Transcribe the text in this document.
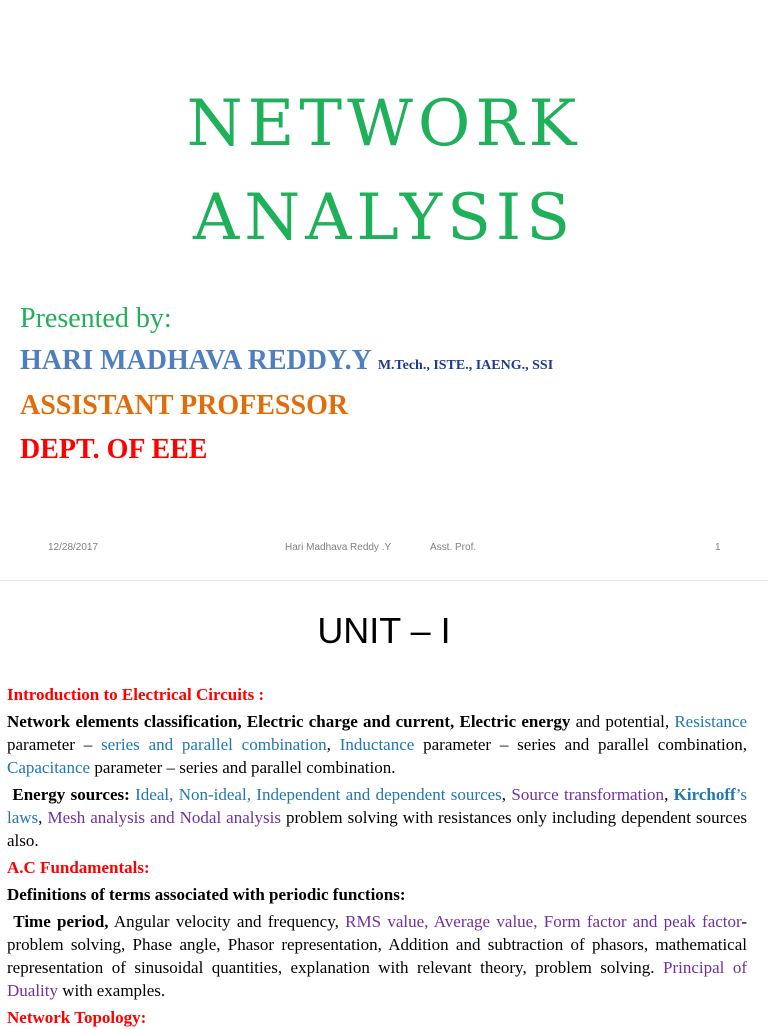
NETWORK
ANALYSIS
Presented by:
HARI MADHAVA REDDY.Y M.Tech., ISTE., IAENG., SSI
ASSISTANT PROFESSOR
DEPT. OF EEE
12/28/2017	Hari Madhava Reddy .Y	Asst. Prof.	1
UNIT – I

Introduction to Electrical Circuits :

Network elements classification, Electric charge and current, Electric energy and potential, Resistance parameter – series and parallel combination, Inductance parameter – series and parallel combination, Capacitance parameter – series and parallel combination.

Energy sources: Ideal, Non-ideal, Independent and dependent sources, Source transformation, Kirchoff’s laws, Mesh analysis and Nodal analysis problem solving with resistances only including dependent sources also.

A.C Fundamentals:

Definitions of terms associated with periodic functions:

Time period, Angular velocity and frequency, RMS value, Average value, Form factor and peak factor- problem solving, Phase angle, Phasor representation, Addition and subtraction of phasors, mathematical representation of sinusoidal quantities, explanation with relevant theory, problem solving. Principal of Duality with examples.

Network Topology:
